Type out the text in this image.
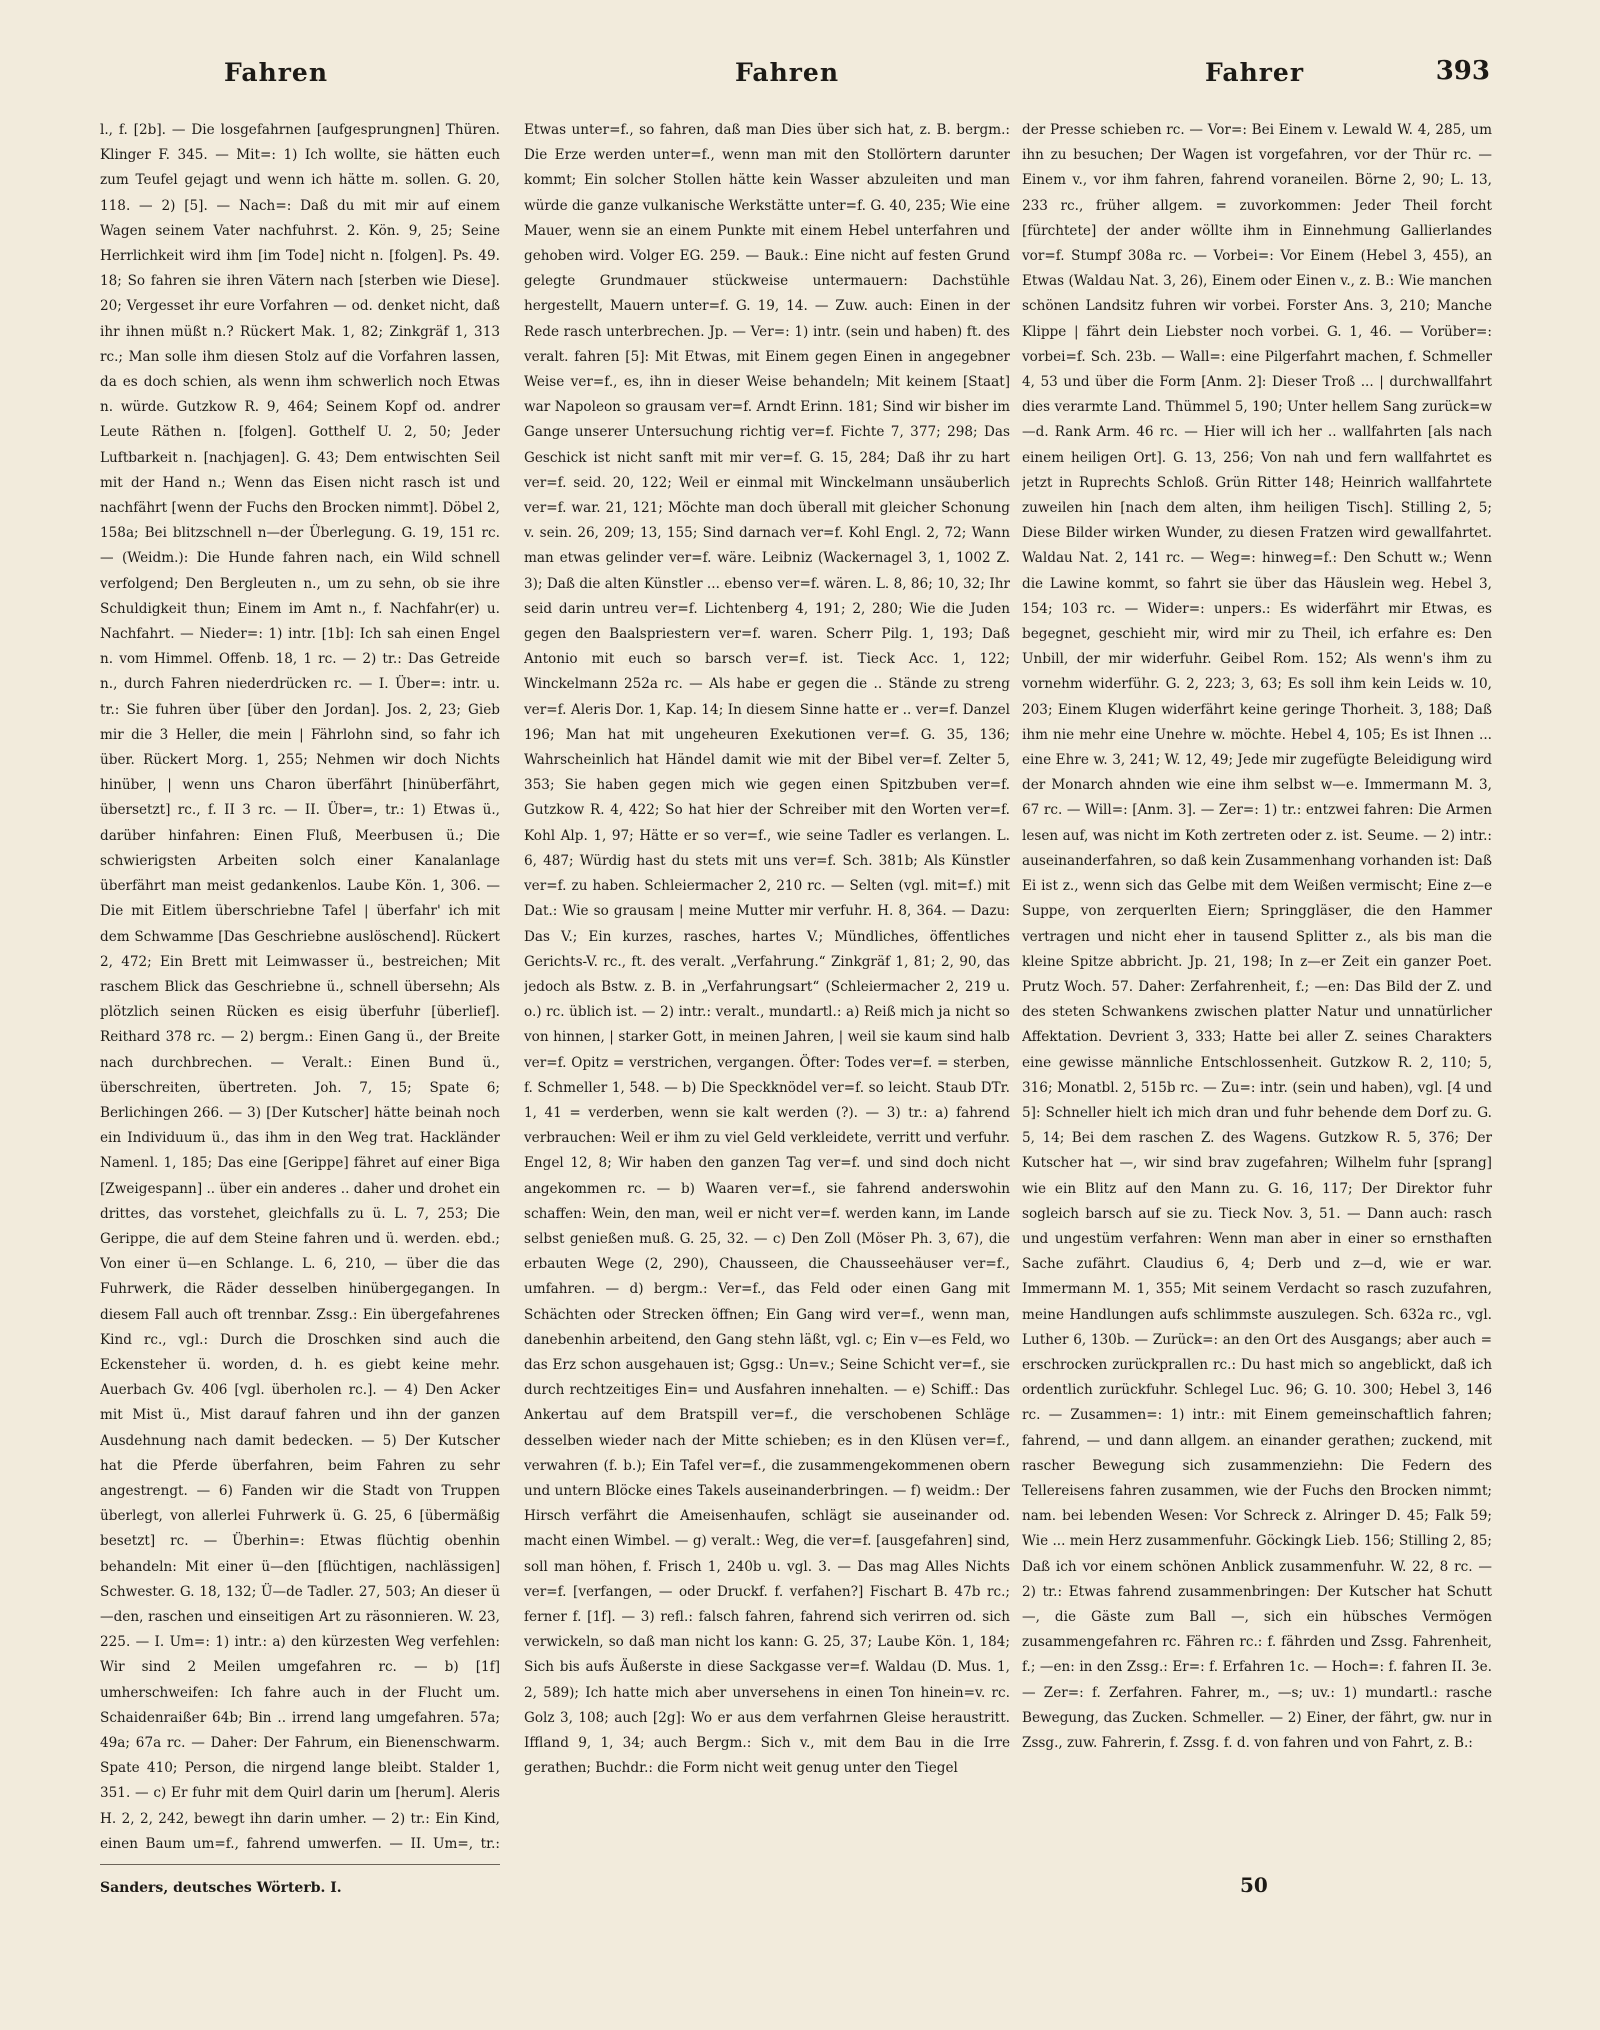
Fahren	Fahren	Fahrer	393

l., f. [2b]. — Die losgefahrnen [aufgesprungnen] Thüren. Klinger F. 345. — Mit=: 1) Ich wollte, sie hätten euch zum Teufel gejagt und wenn ich hätte m. sollen. G. 20, 118. — 2) [5]. — Nach=: Daß du mit mir auf einem Wagen seinem Vater nachfuhrst. 2. Kön. 9, 25; Seine Herrlichkeit wird ihm [im Tode] nicht n. [folgen]. Ps. 49. 18; So fahren sie ihren Vätern nach [sterben wie Diese]. 20; Vergesset ihr eure Vorfahren — od. denket nicht, daß ihr ihnen müßt n.? Rückert Mak. 1, 82; Zinkgräf 1, 313 rc.; Man solle ihm diesen Stolz auf die Vorfahren lassen, da es doch schien, als wenn ihm schwerlich noch Etwas n. würde. Gutzkow R. 9, 464; Seinem Kopf od. andrer Leute Räthen n. [folgen]. Gotthelf U. 2, 50; Jeder Luftbarkeit n. [nachjagen]. G. 43; Dem entwischten Seil mit der Hand n.; Wenn das Eisen nicht rasch ist und nachfährt [wenn der Fuchs den Brocken nimmt]. Döbel 2, 158a; Bei blitzschnell n—der Überlegung. G. 19, 151 rc. — (Weidm.): Die Hunde fahren nach, ein Wild schnell verfolgend; Den Bergleuten n., um zu sehn, ob sie ihre Schuldigkeit thun; Einem im Amt n., f. Nachfahr(er) u. Nachfahrt. — Nieder=: 1) intr. [1b]: Ich sah einen Engel n. vom Himmel. Offenb. 18, 1 rc. — 2) tr.: Das Getreide n., durch Fahren niederdrücken rc. — I. Über=: intr. u. tr.: Sie fuhren über [über den Jordan]. Jos. 2, 23; Gieb mir die 3 Heller, die mein | Fährlohn sind, so fahr ich über. Rückert Morg. 1, 255; Nehmen wir doch Nichts hinüber, | wenn uns Charon überfährt [hinüberfährt, übersetzt] rc., f. II 3 rc. — II. Über=, tr.: 1) Etwas ü., darüber hinfahren: Einen Fluß, Meerbusen ü.; Die schwierigsten Arbeiten solch einer Kanalanlage überfährt man meist gedankenlos. Laube Kön. 1, 306. — Die mit Eitlem überschriebne Tafel | überfahr' ich mit dem Schwamme [Das Geschriebne auslöschend]. Rückert 2, 472; Ein Brett mit Leimwasser ü., bestreichen; Mit raschem Blick das Geschriebne ü., schnell übersehn; Als plötzlich seinen Rücken es eisig überfuhr [überlief]. Reithard 378 rc. — 2) bergm.: Einen Gang ü., der Breite nach durchbrechen. — Veralt.: Einen Bund ü., überschreiten, übertreten. Joh. 7, 15; Spate 6; Berlichingen 266. — 3) [Der Kutscher] hätte beinah noch ein Individuum ü., das ihm in den Weg trat. Hackländer Namenl. 1, 185; Das eine [Gerippe] fähret auf einer Biga [Zweigespann] .. über ein anderes .. daher und drohet ein drittes, das vorstehet, gleichfalls zu ü. L. 7, 253; Die Gerippe, die auf dem Steine fahren und ü. werden. ebd.; Von einer ü—en Schlange. L. 6, 210, — über die das Fuhrwerk, die Räder desselben hinübergegangen. In diesem Fall auch oft trennbar. Zssg.: Ein übergefahrenes Kind rc., vgl.: Durch die Droschken sind auch die Eckensteher ü. worden, d. h. es giebt keine mehr. Auerbach Gv. 406 [vgl. überholen rc.]. — 4) Den Acker mit Mist ü., Mist darauf fahren und ihn der ganzen Ausdehnung nach damit bedecken. — 5) Der Kutscher hat die Pferde überfahren, beim Fahren zu sehr angestrengt. — 6) Fanden wir die Stadt von Truppen überlegt, von allerlei Fuhrwerk ü. G. 25, 6 [übermäßig besetzt] rc. — Überhin=: Etwas flüchtig obenhin behandeln: Mit einer ü—den [flüchtigen, nachlässigen] Schwester. G. 18, 132; Ü—de Tadler. 27, 503; An dieser ü—den, raschen und einseitigen Art zu räsonnieren. W. 23, 225. — I. Um=: 1) intr.: a) den kürzesten Weg verfehlen: Wir sind 2 Meilen umgefahren rc. — b) [1f] umherschweifen: Ich fahre auch in der Flucht um. Schaidenraißer 64b; Bin .. irrend lang umgefahren. 57a; 49a; 67a rc. — Daher: Der Fahrum, ein Bienenschwarm. Spate 410; Person, die nirgend lange bleibt. Stalder 1, 351. — c) Er fuhr mit dem Quirl darin um [herum]. Aleris H. 2, 2, 242, bewegt ihn darin umher. — 2) tr.: Ein Kind, einen Baum um=f., fahrend umwerfen. — II. Um=, tr.:

Etwas unter=f., so fahren, daß man Dies über sich hat, z. B. bergm.: Die Erze werden unter=f., wenn man mit den Stollörtern darunter kommt; Ein solcher Stollen hätte kein Wasser abzuleiten und man würde die ganze vulkanische Werkstätte unter=f. G. 40, 235; Wie eine Mauer, wenn sie an einem Punkte mit einem Hebel unterfahren und gehoben wird. Volger EG. 259. — Bauk.: Eine nicht auf festen Grund gelegte Grundmauer stückweise untermauern: Dachstühle hergestellt, Mauern unter=f. G. 19, 14. — Zuw. auch: Einen in der Rede rasch unterbrechen. Jp. — Ver=: 1) intr. (sein und haben) ft. des veralt. fahren [5]: Mit Etwas, mit Einem gegen Einen in angegebner Weise ver=f., es, ihn in dieser Weise behandeln; Mit keinem [Staat] war Napoleon so grausam ver=f. Arndt Erinn. 181; Sind wir bisher im Gange unserer Untersuchung richtig ver=f. Fichte 7, 377; 298; Das Geschick ist nicht sanft mit mir ver=f. G. 15, 284; Daß ihr zu hart ver=f. seid. 20, 122; Weil er einmal mit Winckelmann unsäuberlich ver=f. war. 21, 121; Möchte man doch überall mit gleicher Schonung v. sein. 26, 209; 13, 155; Sind darnach ver=f. Kohl Engl. 2, 72; Wann man etwas gelinder ver=f. wäre. Leibniz (Wackernagel 3, 1, 1002 Z. 3); Daß die alten Künstler ... ebenso ver=f. wären. L. 8, 86; 10, 32; Ihr seid darin untreu ver=f. Lichtenberg 4, 191; 2, 280; Wie die Juden gegen den Baalspriestern ver=f. waren. Scherr Pilg. 1, 193; Daß Antonio mit euch so barsch ver=f. ist. Tieck Acc. 1, 122; Winckelmann 252a rc. — Als habe er gegen die .. Stände zu streng ver=f. Aleris Dor. 1, Kap. 14; In diesem Sinne hatte er .. ver=f. Danzel 196; Man hat mit ungeheuren Exekutionen ver=f. G. 35, 136; Wahrscheinlich hat Händel damit wie mit der Bibel ver=f. Zelter 5, 353; Sie haben gegen mich wie gegen einen Spitzbuben ver=f. Gutzkow R. 4, 422; So hat hier der Schreiber mit den Worten ver=f. Kohl Alp. 1, 97; Hätte er so ver=f., wie seine Tadler es verlangen. L. 6, 487; Würdig hast du stets mit uns ver=f. Sch. 381b; Als Künstler ver=f. zu haben. Schleiermacher 2, 210 rc. — Selten (vgl. mit=f.) mit Dat.: Wie so grausam | meine Mutter mir verfuhr. H. 8, 364. — Dazu: Das V.; Ein kurzes, rasches, hartes V.; Mündliches, öffentliches Gerichts-V. rc., ft. des veralt. „Verfahrung.“ Zinkgräf 1, 81; 2, 90, das jedoch als Bstw. z. B. in „Verfahrungsart“ (Schleiermacher 2, 219 u. o.) rc. üblich ist. — 2) intr.: veralt., mundartl.: a) Reiß mich ja nicht so von hinnen, | starker Gott, in meinen Jahren, | weil sie kaum sind halb ver=f. Opitz = verstrichen, vergangen. Öfter: Todes ver=f. = sterben, f. Schmeller 1, 548. — b) Die Speckknödel ver=f. so leicht. Staub DTr. 1, 41 = verderben, wenn sie kalt werden (?). — 3) tr.: a) fahrend verbrauchen: Weil er ihm zu viel Geld verkleidete, verritt und verfuhr. Engel 12, 8; Wir haben den ganzen Tag ver=f. und sind doch nicht angekommen rc. — b) Waaren ver=f., sie fahrend anderswohin schaffen: Wein, den man, weil er nicht ver=f. werden kann, im Lande selbst genießen muß. G. 25, 32. — c) Den Zoll (Möser Ph. 3, 67), die erbauten Wege (2, 290), Chausseen, die Chausseehäuser ver=f., umfahren. — d) bergm.: Ver=f., das Feld oder einen Gang mit Schächten oder Strecken öffnen; Ein Gang wird ver=f., wenn man, danebenhin arbeitend, den Gang stehn läßt, vgl. c; Ein v—es Feld, wo das Erz schon ausgehauen ist; Ggsg.: Un=v.; Seine Schicht ver=f., sie durch rechtzeitiges Ein= und Ausfahren innehalten. — e) Schiff.: Das Ankertau auf dem Bratspill ver=f., die verschobenen Schläge desselben wieder nach der Mitte schieben; es in den Klüsen ver=f., verwahren (f. b.); Ein Tafel ver=f., die zusammengekommenen obern und untern Blöcke eines Takels auseinanderbringen. — f) weidm.: Der Hirsch verfährt die Ameisenhaufen, schlägt sie auseinander od. macht einen Wimbel. — g) veralt.: Weg, die ver=f. [ausgefahren] sind, soll man höhen, f. Frisch 1, 240b u. vgl. 3. — Das mag Alles Nichts ver=f. [verfangen, — oder Druckf. f. verfahen?] Fischart B. 47b rc.; ferner f. [1f]. — 3) refl.: falsch fahren, fahrend sich verirren od. sich verwickeln, so daß man nicht los kann: G. 25, 37; Laube Kön. 1, 184; Sich bis aufs Äußerste in diese Sackgasse ver=f. Waldau (D. Mus. 1, 2, 589); Ich hatte mich aber unversehens in einen Ton hinein=v. rc. Golz 3, 108; auch [2g]: Wo er aus dem verfahrnen Gleise heraustritt. Iffland 9, 1, 34; auch Bergm.: Sich v., mit dem Bau in die Irre gerathen; Buchdr.: die Form nicht weit genug unter den Tiegel

der Presse schieben rc. — Vor=: Bei Einem v. Lewald W. 4, 285, um ihn zu besuchen; Der Wagen ist vorgefahren, vor der Thür rc. — Einem v., vor ihm fahren, fahrend voraneilen. Börne 2, 90; L. 13, 233 rc., früher allgem. = zuvorkommen: Jeder Theil forcht [fürchtete] der ander wöllte ihm in Einnehmung Gallierlandes vor=f. Stumpf 308a rc. — Vorbei=: Vor Einem (Hebel 3, 455), an Etwas (Waldau Nat. 3, 26), Einem oder Einen v., z. B.: Wie manchen schönen Landsitz fuhren wir vorbei. Forster Ans. 3, 210; Manche Klippe | fährt dein Liebster noch vorbei. G. 1, 46. — Vorüber=: vorbei=f. Sch. 23b. — Wall=: eine Pilgerfahrt machen, f. Schmeller 4, 53 und über die Form [Anm. 2]: Dieser Troß ... | durchwallfahrt dies verarmte Land. Thümmel 5, 190; Unter hellem Sang zurück=w—d. Rank Arm. 46 rc. — Hier will ich her .. wallfahrten [als nach einem heiligen Ort]. G. 13, 256; Von nah und fern wallfahrtet es jetzt in Ruprechts Schloß. Grün Ritter 148; Heinrich wallfahrtete zuweilen hin [nach dem alten, ihm heiligen Tisch]. Stilling 2, 5; Diese Bilder wirken Wunder, zu diesen Fratzen wird gewallfahrtet. Waldau Nat. 2, 141 rc. — Weg=: hinweg=f.: Den Schutt w.; Wenn die Lawine kommt, so fahrt sie über das Häuslein weg. Hebel 3, 154; 103 rc. — Wider=: unpers.: Es widerfährt mir Etwas, es begegnet, geschieht mir, wird mir zu Theil, ich erfahre es: Den Unbill, der mir widerfuhr. Geibel Rom. 152; Als wenn's ihm zu vornehm widerführ. G. 2, 223; 3, 63; Es soll ihm kein Leids w. 10, 203; Einem Klugen widerfährt keine geringe Thorheit. 3, 188; Daß ihm nie mehr eine Unehre w. möchte. Hebel 4, 105; Es ist Ihnen ... eine Ehre w. 3, 241; W. 12, 49; Jede mir zugefügte Beleidigung wird der Monarch ahnden wie eine ihm selbst w—e. Immermann M. 3, 67 rc. — Will=: [Anm. 3]. — Zer=: 1) tr.: entzwei fahren: Die Armen lesen auf, was nicht im Koth zertreten oder z. ist. Seume. — 2) intr.: auseinanderfahren, so daß kein Zusammenhang vorhanden ist: Daß Ei ist z., wenn sich das Gelbe mit dem Weißen vermischt; Eine z—e Suppe, von zerquerlten Eiern; Springgläser, die den Hammer vertragen und nicht eher in tausend Splitter z., als bis man die kleine Spitze abbricht. Jp. 21, 198; In z—er Zeit ein ganzer Poet. Prutz Woch. 57. Daher: Zerfahrenheit, f.; —en: Das Bild der Z. und des steten Schwankens zwischen platter Natur und unnatürlicher Affektation. Devrient 3, 333; Hatte bei aller Z. seines Charakters eine gewisse männliche Entschlossenheit. Gutzkow R. 2, 110; 5, 316; Monatbl. 2, 515b rc. — Zu=: intr. (sein und haben), vgl. [4 und 5]: Schneller hielt ich mich dran und fuhr behende dem Dorf zu. G. 5, 14; Bei dem raschen Z. des Wagens. Gutzkow R. 5, 376; Der Kutscher hat —, wir sind brav zugefahren; Wilhelm fuhr [sprang] wie ein Blitz auf den Mann zu. G. 16, 117; Der Direktor fuhr sogleich barsch auf sie zu. Tieck Nov. 3, 51. — Dann auch: rasch und ungestüm verfahren: Wenn man aber in einer so ernsthaften Sache zufährt. Claudius 6, 4; Derb und z—d, wie er war. Immermann M. 1, 355; Mit seinem Verdacht so rasch zuzufahren, meine Handlungen aufs schlimmste auszulegen. Sch. 632a rc., vgl. Luther 6, 130b. — Zurück=: an den Ort des Ausgangs; aber auch = erschrocken zurückprallen rc.: Du hast mich so angeblickt, daß ich ordentlich zurückfuhr. Schlegel Luc. 96; G. 10. 300; Hebel 3, 146 rc. — Zusammen=: 1) intr.: mit Einem gemeinschaftlich fahren; fahrend, — und dann allgem. an einander gerathen; zuckend, mit rascher Bewegung sich zusammenziehn: Die Federn des Tellereisens fahren zusammen, wie der Fuchs den Brocken nimmt; nam. bei lebenden Wesen: Vor Schreck z. Alringer D. 45; Falk 59; Wie ... mein Herz zusammenfuhr. Göckingk Lieb. 156; Stilling 2, 85; Daß ich vor einem schönen Anblick zusammenfuhr. W. 22, 8 rc. — 2) tr.: Etwas fahrend zusammenbringen: Der Kutscher hat Schutt —, die Gäste zum Ball —, sich ein hübsches Vermögen zusammengefahren rc. Fähren rc.: f. fährden und Zssg. Fahrenheit, f.; —en: in den Zssg.: Er=: f. Erfahren 1c. — Hoch=: f. fahren II. 3e. — Zer=: f. Zerfahren. Fahrer, m., —s; uv.: 1) mundartl.: rasche Bewegung, das Zucken. Schmeller. — 2) Einer, der fährt, gw. nur in Zssg., zuw. Fahrerin, f. Zssg. f. d. von fahren und von Fahrt, z. B.:

Sanders, deutsches Wörterb. I.	50
